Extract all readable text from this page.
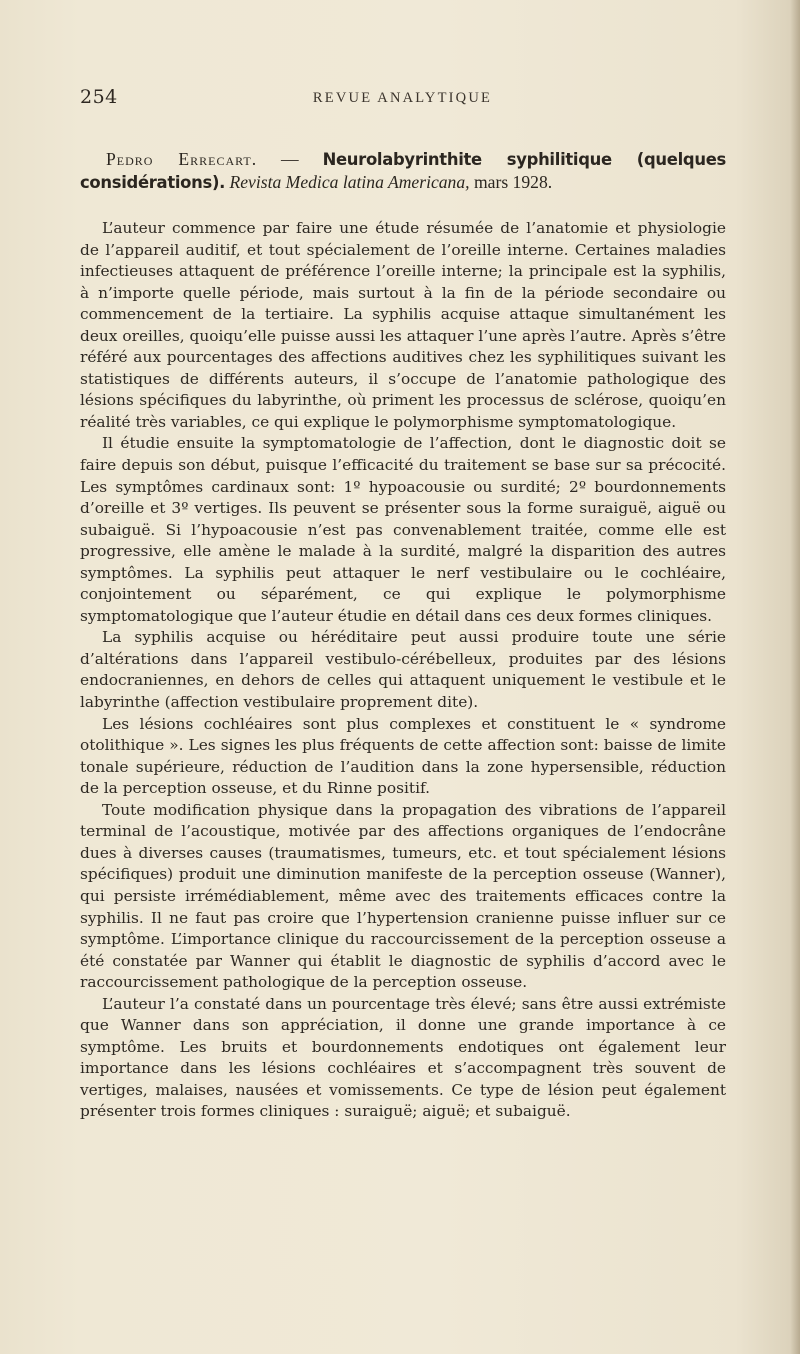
254	REVUE ANALYTIQUE

Pedro Errecart. — Neurolabyrinthite syphilitique (quelques considérations). Revista Medica latina Americana, mars 1928.

L’auteur commence par faire une étude résumée de l’anatomie et physiologie de l’appareil auditif, et tout spécialement de l’oreille interne. Certaines maladies infectieuses attaquent de préférence l’oreille interne; la principale est la syphilis, à n’importe quelle période, mais surtout à la fin de la période secondaire ou commencement de la tertiaire. La syphilis acquise attaque simultanément les deux oreilles, quoiqu’elle puisse aussi les attaquer l’une après l’autre. Après s’être référé aux pourcentages des affections auditives chez les syphilitiques suivant les statistiques de différents auteurs, il s’occupe de l’anatomie pathologique des lésions spécifiques du labyrinthe, où priment les processus de sclérose, quoiqu’en réalité très variables, ce qui explique le polymorphisme symptomatologique.

Il étudie ensuite la symptomatologie de l’affection, dont le diagnostic doit se faire depuis son début, puisque l’efficacité du traitement se base sur sa précocité. Les symptômes cardinaux sont: 1º hypoacousie ou surdité; 2º bourdonnements d’oreille et 3º vertiges. Ils peuvent se présenter sous la forme suraiguë, aiguë ou subaiguë. Si l’hypoacousie n’est pas convenablement traitée, comme elle est progressive, elle amène le malade à la surdité, malgré la disparition des autres symptômes. La syphilis peut attaquer le nerf vestibulaire ou le cochléaire, conjointement ou séparément, ce qui explique le polymorphisme symptomatologique que l’auteur étudie en détail dans ces deux formes cliniques.

La syphilis acquise ou héréditaire peut aussi produire toute une série d’altérations dans l’appareil vestibulo-cérébelleux, produites par des lésions endocraniennes, en dehors de celles qui attaquent uniquement le vestibule et le labyrinthe (affection vestibulaire proprement dite).

Les lésions cochléaires sont plus complexes et constituent le « syndrome otolithique ». Les signes les plus fréquents de cette affection sont: baisse de limite tonale supérieure, réduction de l’audition dans la zone hypersensible, réduction de la perception osseuse, et du Rinne positif.

Toute modification physique dans la propagation des vibrations de l’appareil terminal de l’acoustique, motivée par des affections organiques de l’endocrâne dues à diverses causes (traumatismes, tumeurs, etc. et tout spécialement lésions spécifiques) produit une diminution manifeste de la perception osseuse (Wanner), qui persiste irrémédiablement, même avec des traitements efficaces contre la syphilis. Il ne faut pas croire que l’hypertension cranienne puisse influer sur ce symptôme. L’importance clinique du raccourcissement de la perception osseuse a été constatée par Wanner qui établit le diagnostic de syphilis d’accord avec le raccourcissement pathologique de la perception osseuse.

L’auteur l’a constaté dans un pourcentage très élevé; sans être aussi extrémiste que Wanner dans son appréciation, il donne une grande importance à ce symptôme. Les bruits et bourdonnements endotiques ont également leur importance dans les lésions cochléaires et s’accompagnent très souvent de vertiges, malaises, nausées et vomissements. Ce type de lésion peut également présenter trois formes cliniques : suraiguë; aiguë; et subaiguë.
